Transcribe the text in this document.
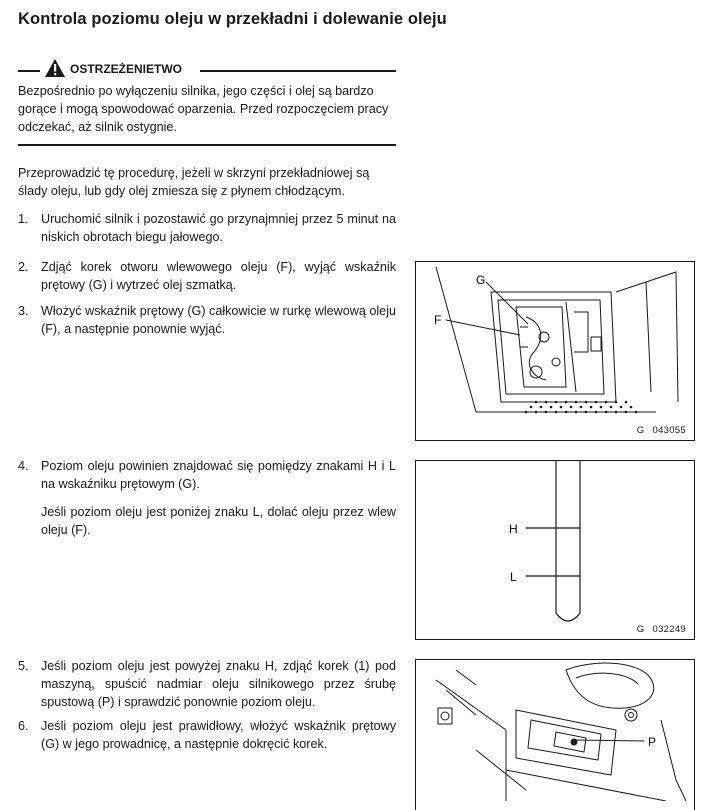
Kontrola poziomu oleju w przekładni i dolewanie oleju
OSTRZEŻENIETWO
Bezpośrednio po wyłączeniu silnika, jego części i olej są bardzo gorące i mogą spowodować oparzenia. Przed rozpoczęciem pracy odczekać, aż silnik ostygnie.
Przeprowadzić tę procedurę, jeżeli w skrzyni przekładniowej są ślady oleju, lub gdy olej zmiesza się z płynem chłodzącym.
1. Uruchomić silnik i pozostawić go przynajmniej przez 5 minut na niskich obrotach biegu jałowego.
2. Zdjąć korek otworu wlewowego oleju (F), wyjąć wskaźnik prętowy (G) i wytrzeć olej szmatką.
3. Włożyć wskaźnik prętowy (G) całkowicie w rurkę wlewową oleju (F), a następnie ponownie wyjąć.
4. Poziom oleju powinien znajdować się pomiędzy znakami H i L na wskaźniku prętowym (G).
Jeśli poziom oleju jest poniżej znaku L, dolać oleju przez wlew oleju (F).
5. Jeśli poziom oleju jest powyżej znaku H, zdjąć korek (1) pod maszyną, spuścić nadmiar oleju silnikowego przez śrubę spustową (P) i sprawdzić ponownie poziom oleju.
6. Jeśli poziom oleju jest prawidłowy, włożyć wskaźnik prętowy (G) w jego prowadnicę, a następnie dokręcić korek.
G
F
G 043055
H
L
G 032249
P
